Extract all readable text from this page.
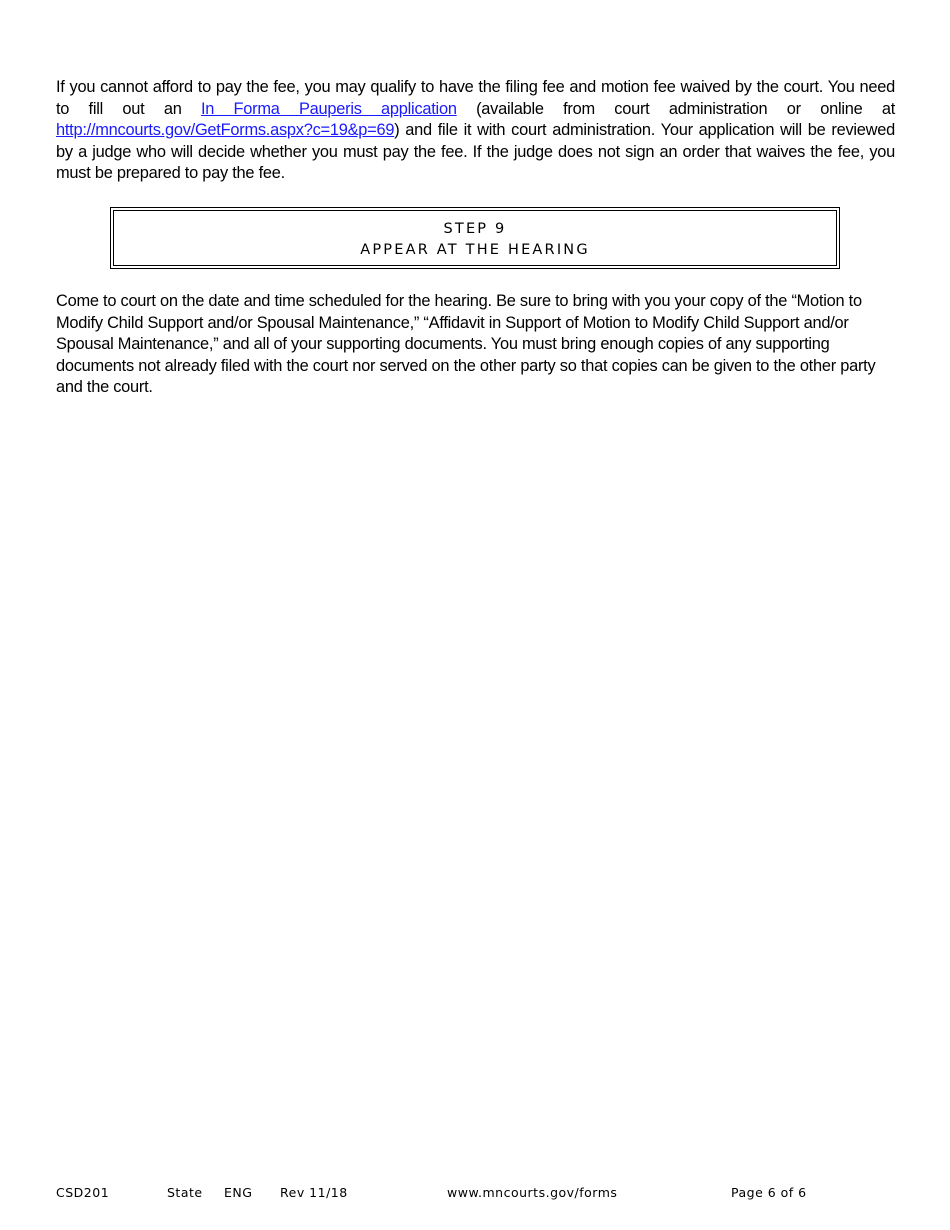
If you cannot afford to pay the fee, you may qualify to have the filing fee and motion fee waived by the court. You need to fill out an In Forma Pauperis application (available from court administration or online at http://mncourts.gov/GetForms.aspx?c=19&p=69) and file it with court administration. Your application will be reviewed by a judge who will decide whether you must pay the fee. If the judge does not sign an order that waives the fee, you must be prepared to pay the fee.

STEP 9
APPEAR AT THE HEARING

Come to court on the date and time scheduled for the hearing. Be sure to bring with you your copy of the “Motion to Modify Child Support and/or Spousal Maintenance,” “Affidavit in Support of Motion to Modify Child Support and/or Spousal Maintenance,” and all of your supporting documents. You must bring enough copies of any supporting documents not already filed with the court nor served on the other party so that copies can be given to the other party and the court.

CSD201	State ENG Rev 11/18	www.mncourts.gov/forms	Page 6 of 6
